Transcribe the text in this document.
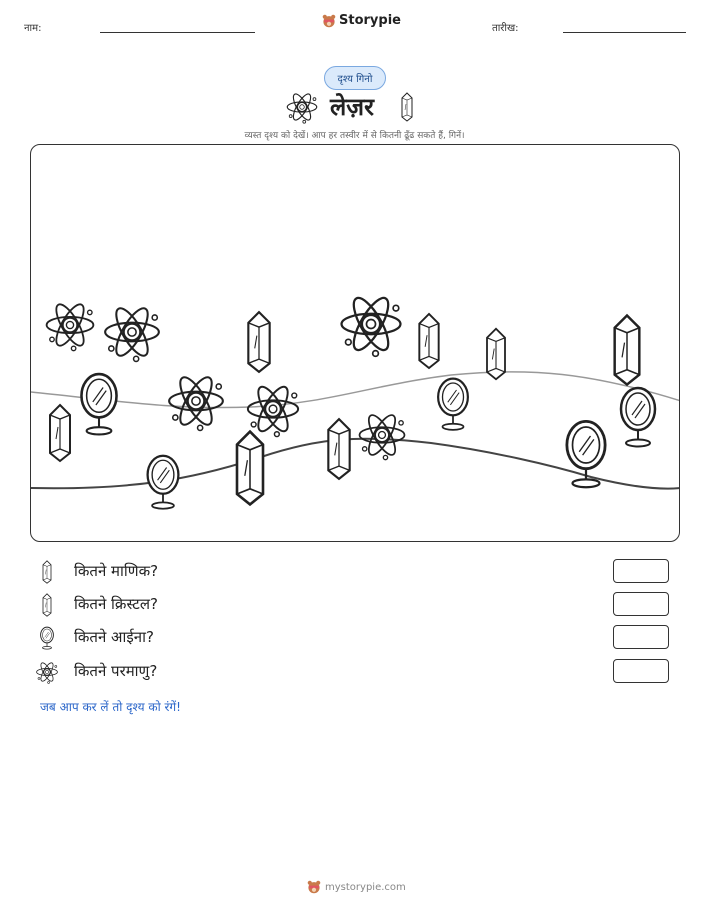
नाम:
Storypie
तारीख:
दृश्य गिनो
लेज़र
व्यस्त दृश्य को देखें। आप हर तस्वीर में से कितनी ढूँढ सकते हैं, गिनें।
कितने माणिक?
कितने क्रिस्टल?
कितने आईना?
कितने परमाणु?
जब आप कर लें तो दृश्य को रंगें!
mystorypie.com
